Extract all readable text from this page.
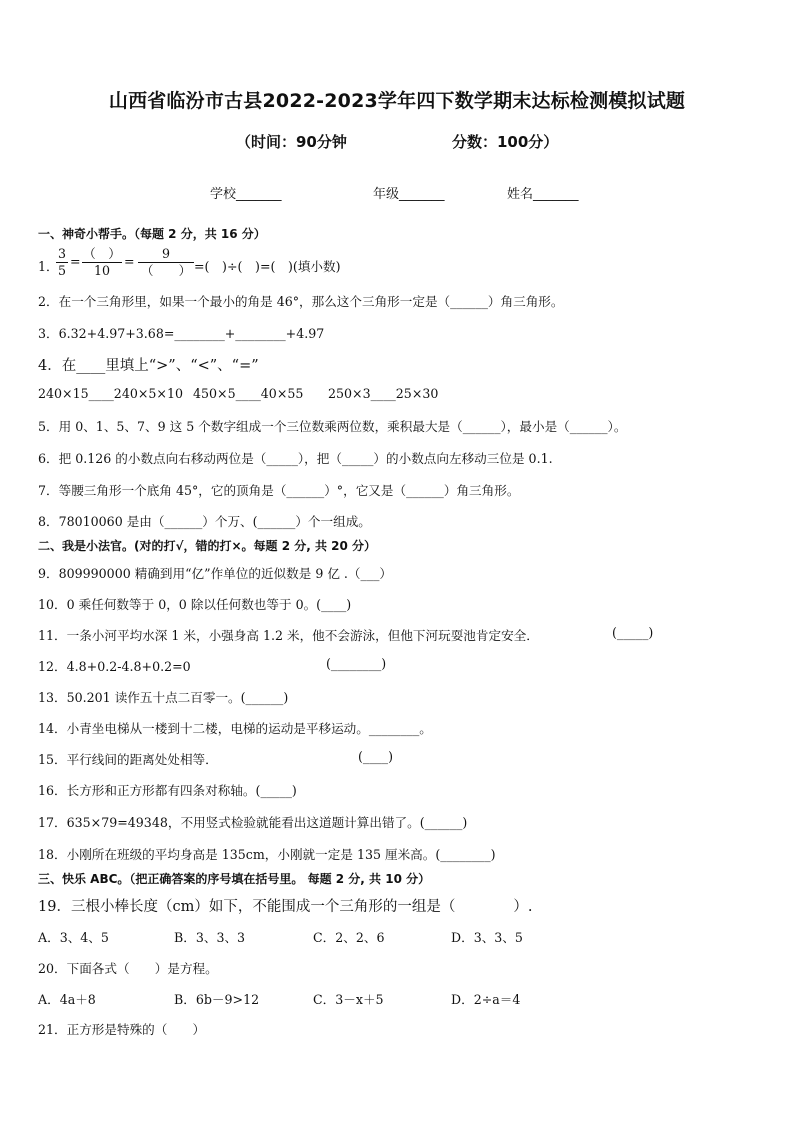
山西省临汾市古县2022-2023学年四下数学期末达标检测模拟试题
（时间：90分钟	分数：100分）
学校_______	年级_______	姓名_______
一、神奇小帮手。（每题 2 分，共 16 分）
1．
3
5
=
（　）
10
=
9
（　　） =(　)÷(　)=(　)(填小数)
2．在一个三角形里，如果一个最小的角是 46°，那么这个三角形一定是（______）角三角形。
3．6.32+4.97+3.68=________+________+4.97
4．在____里填上“>”、“<”、“=”
240×15____240×5×10 450×5____40×55 250×3____25×30
5．用 0、1、5、7、9 这 5 个数字组成一个三位数乘两位数，乘积最大是（______），最小是（______）。
6．把 0.126 的小数点向右移动两位是（_____），把（_____）的小数点向左移动三位是 0.1.
7．等腰三角形一个底角 45°，它的顶角是（______）°，它又是（______）角三角形。
8．78010060 是由（______）个万、(______）个一组成。
二、我是小法官。(对的打√，错的打×。每题 2 分, 共 20 分）
9．809990000 精确到用“亿”作单位的近似数是 9 亿 .（___）
10．0 乘任何数等于 0，0 除以任何数也等于 0。(____)
11．一条小河平均水深 1 米，小强身高 1.2 米，他不会游泳，但他下河玩耍池肯定安全．	(_____)
12．4.8+0.2-4.8+0.2=0	(________)
13．50.201 读作五十点二百零一。(______)
14．小青坐电梯从一楼到十二楼，电梯的运动是平移运动。________。
15．平行线间的距离处处相等．	(____)
16．长方形和正方形都有四条对称轴。(_____)
17．635×79=49348，不用竖式检验就能看出这道题计算出错了。(______)
18．小刚所在班级的平均身高是 135cm，小刚就一定是 135 厘米高。(________)
三、快乐 ABC。（把正确答案的序号填在括号里。 每题 2 分, 共 10 分）
19．三根小棒长度（cm）如下，不能围成一个三角形的一组是（　　　　）.
A．3、4、5	B．3、3、3	C．2、2、6	D．3、3、5
20．下面各式（　　）是方程。
A．4a＋8	B．6b－9>12	C．3－x＋5	D．2÷a＝4
21．正方形是特殊的（　　）
